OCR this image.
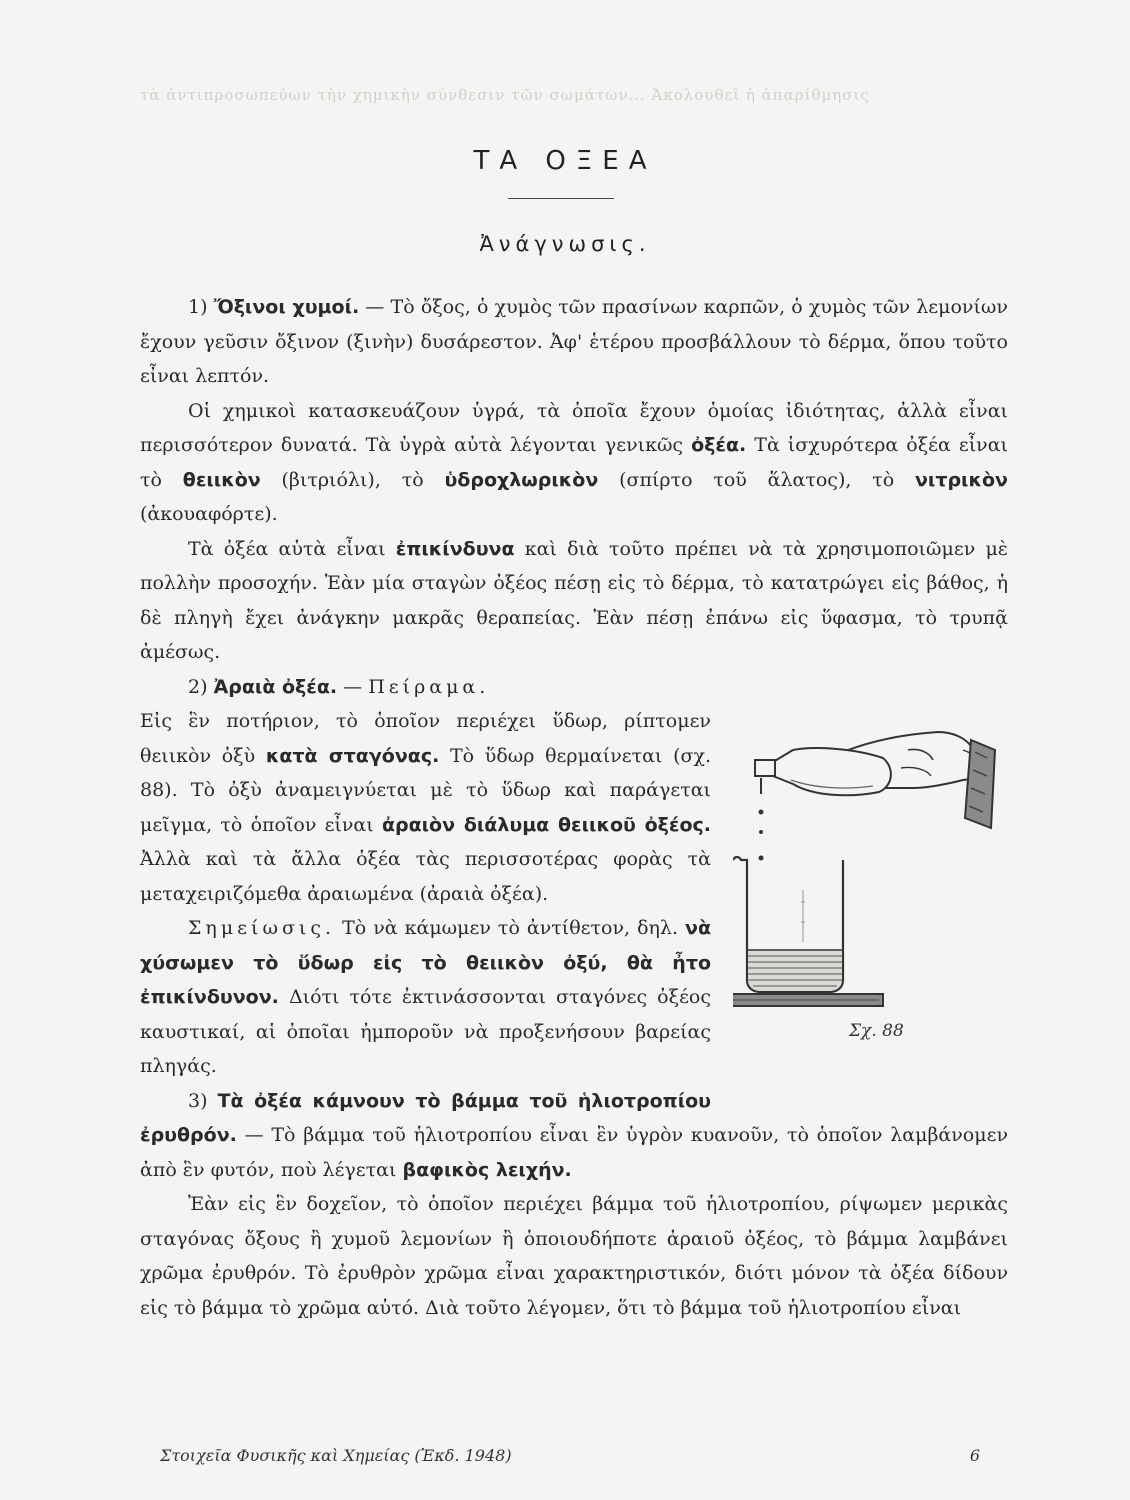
τὰ ἀντιπροσωπεύων τὴν χημικὴν σύνθεσιν τῶν σωμάτων... Ἀκολουθεῖ ἡ ἀπαρίθμησις
ΤΑ ΟΞΕΑ
Ἀνάγνωσις.

1) Ὄξινοι χυμοί. — Τὸ ὄξος, ὁ χυμὸς τῶν πρασίνων καρπῶν, ὁ χυμὸς τῶν λεμονίων ἔχουν γεῦσιν ὄξινον (ξινὴν) δυσάρεστον. Ἀφ' ἑτέρου προσβάλλουν τὸ δέρμα, ὅπου τοῦτο εἶναι λεπτόν.

Οἱ χημικοὶ κατασκευάζουν ὑγρά, τὰ ὁποῖα ἔχουν ὁμοίας ἰδιότητας, ἀλλὰ εἶναι περισσότερον δυνατά. Τὰ ὑγρὰ αὐτὰ λέγονται γενικῶς ὀξέα. Τὰ ἰσχυρότερα ὀξέα εἶναι τὸ θειικὸν (βιτριόλι), τὸ ὑδροχλωρικὸν (σπίρτο τοῦ ἅλατος), τὸ νιτρικὸν (ἀκουαφόρτε).

Τὰ ὀξέα αὐτὰ εἶναι ἐπικίνδυνα καὶ διὰ τοῦτο πρέπει νὰ τὰ χρησιμοποιῶμεν μὲ πολλὴν προσοχήν. Ἐὰν μία σταγὼν ὀξέος πέσῃ εἰς τὸ δέρμα, τὸ κατατρώγει εἰς βάθος, ἡ δὲ πληγὴ ἔχει ἀνάγκην μακρᾶς θεραπείας. Ἐὰν πέσῃ ἐπάνω εἰς ὕφασμα, τὸ τρυπᾷ ἀμέσως.

2) Ἀραιὰ ὀξέα. — Πείραμα.

Σχ. 88

Εἰς ἓν ποτήριον, τὸ ὁποῖον περιέχει ὕδωρ, ρίπτομεν θειικὸν ὀξὺ κατὰ σταγόνας. Τὸ ὕδωρ θερμαίνεται (σχ. 88). Τὸ ὀξὺ ἀναμειγνύεται μὲ τὸ ὕδωρ καὶ παράγεται μεῖγμα, τὸ ὁποῖον εἶναι ἀραιὸν διάλυμα θειικοῦ ὀξέος. Ἀλλὰ καὶ τὰ ἄλλα ὀξέα τὰς περισσοτέρας φορὰς τὰ μεταχειριζόμεθα ἀραιωμένα (ἀραιὰ ὀξέα).

Σημείωσις. Τὸ νὰ κάμωμεν τὸ ἀντίθετον, δηλ. νὰ χύσωμεν τὸ ὕδωρ εἰς τὸ θειικὸν ὀξύ, θὰ ἦτο ἐπικίνδυνον. Διότι τότε ἐκτινάσσονται σταγόνες ὀξέος καυστικαί, αἱ ὁποῖαι ἠμποροῦν νὰ προξενήσουν βαρείας πληγάς.

3) Τὰ ὀξέα κάμνουν τὸ βάμμα τοῦ ἡλιοτροπίου ἐρυθρόν. — Τὸ βάμμα τοῦ ἡλιοτροπίου εἶναι ἓν ὑγρὸν κυανοῦν, τὸ ὁποῖον λαμβάνομεν ἀπὸ ἓν φυτόν, ποὺ λέγεται βαφικὸς λειχήν.

Ἐὰν εἰς ἓν δοχεῖον, τὸ ὁποῖον περιέχει βάμμα τοῦ ἡλιοτροπίου, ρίψωμεν μερικὰς σταγόνας ὄξους ἢ χυμοῦ λεμονίων ἢ ὁποιουδήποτε ἀραιοῦ ὀξέος, τὸ βάμμα λαμβάνει χρῶμα ἐρυθρόν. Τὸ ἐρυθρὸν χρῶμα εἶναι χαρακτηριστικόν, διότι μόνον τὰ ὀξέα δίδουν εἰς τὸ βάμμα τὸ χρῶμα αὐτό. Διὰ τοῦτο λέγομεν, ὅτι τὸ βάμμα τοῦ ἡλιοτροπίου εἶναι

Στοιχεῖα Φυσικῆς καὶ Χημείας (Ἐκδ. 1948)	6
